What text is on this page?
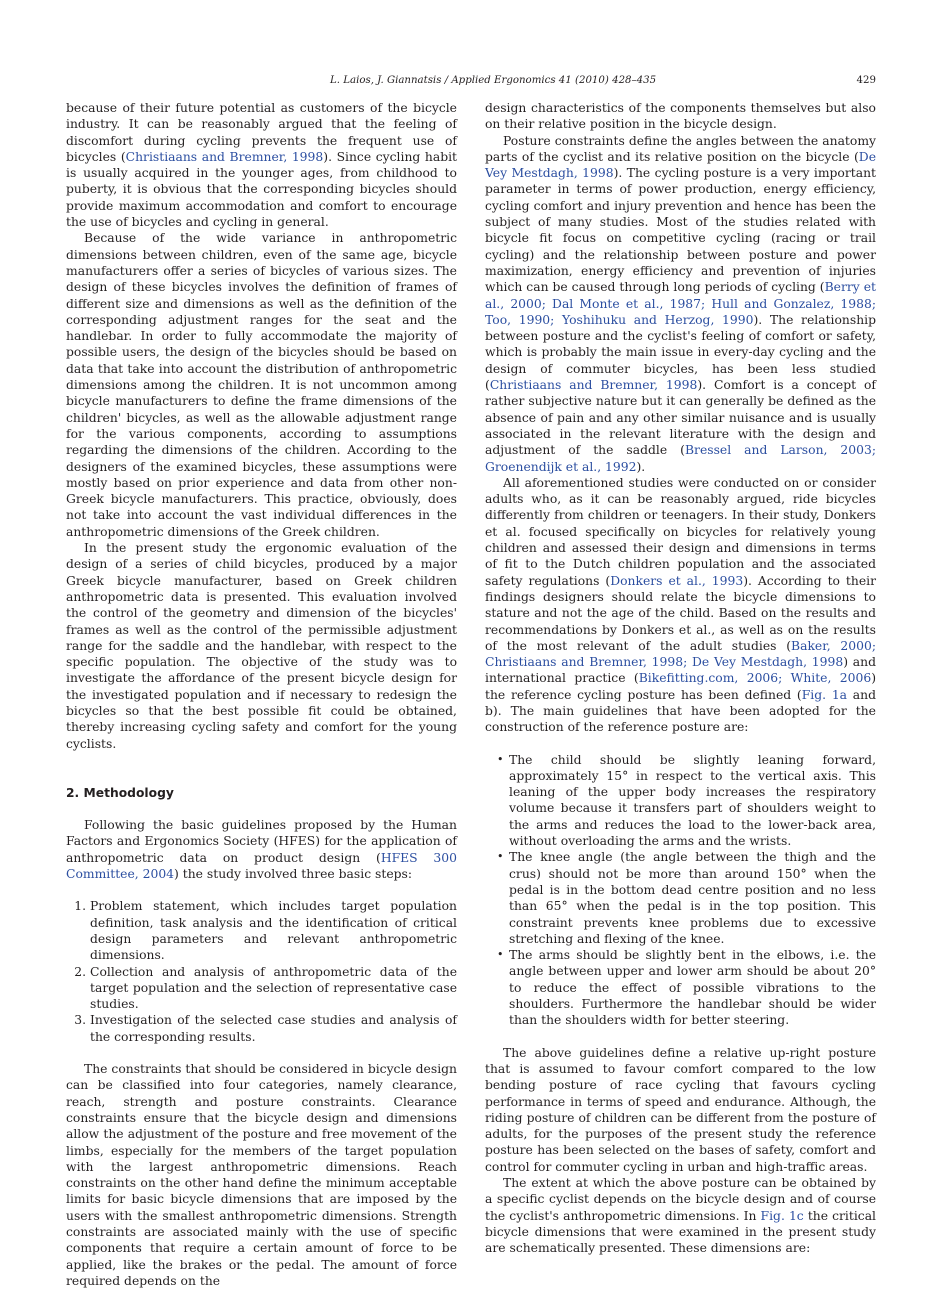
L. Laios, J. Giannatsis / Applied Ergonomics 41 (2010) 428–435	429

because of their future potential as customers of the bicycle industry. It can be reasonably argued that the feeling of discomfort during cycling prevents the frequent use of bicycles (Christiaans and Bremner, 1998). Since cycling habit is usually acquired in the younger ages, from childhood to puberty, it is obvious that the corresponding bicycles should provide maximum accommodation and comfort to encourage the use of bicycles and cycling in general.

Because of the wide variance in anthropometric dimensions between children, even of the same age, bicycle manufacturers offer a series of bicycles of various sizes. The design of these bicycles involves the definition of frames of different size and dimensions as well as the definition of the corresponding adjustment ranges for the seat and the handlebar. In order to fully accommodate the majority of possible users, the design of the bicycles should be based on data that take into account the distribution of anthropometric dimensions among the children. It is not uncommon among bicycle manufacturers to define the frame dimensions of the children' bicycles, as well as the allowable adjustment range for the various components, according to assumptions regarding the dimensions of the children. According to the designers of the examined bicycles, these assumptions were mostly based on prior experience and data from other non-Greek bicycle manufacturers. This practice, obviously, does not take into account the vast individual differences in the anthropometric dimensions of the Greek children.

In the present study the ergonomic evaluation of the design of a series of child bicycles, produced by a major Greek bicycle manufacturer, based on Greek children anthropometric data is presented. This evaluation involved the control of the geometry and dimension of the bicycles' frames as well as the control of the permissible adjustment range for the saddle and the handlebar, with respect to the specific population. The objective of the study was to investigate the affordance of the present bicycle design for the investigated population and if necessary to redesign the bicycles so that the best possible fit could be obtained, thereby increasing cycling safety and comfort for the young cyclists.

2. Methodology

Following the basic guidelines proposed by the Human Factors and Ergonomics Society (HFES) for the application of anthropometric data on product design (HFES 300 Committee, 2004) the study involved three basic steps:

1. Problem statement, which includes target population definition, task analysis and the identification of critical design parameters and relevant anthropometric dimensions.
2. Collection and analysis of anthropometric data of the target population and the selection of representative case studies.
3. Investigation of the selected case studies and analysis of the corresponding results.

The constraints that should be considered in bicycle design can be classified into four categories, namely clearance, reach, strength and posture constraints. Clearance constraints ensure that the bicycle design and dimensions allow the adjustment of the posture and free movement of the limbs, especially for the members of the target population with the largest anthropometric dimensions. Reach constraints on the other hand define the minimum acceptable limits for basic bicycle dimensions that are imposed by the users with the smallest anthropometric dimensions. Strength constraints are associated mainly with the use of specific components that require a certain amount of force to be applied, like the brakes or the pedal. The amount of force required depends on the

design characteristics of the components themselves but also on their relative position in the bicycle design.

Posture constraints define the angles between the anatomy parts of the cyclist and its relative position on the bicycle (De Vey Mestdagh, 1998). The cycling posture is a very important parameter in terms of power production, energy efficiency, cycling comfort and injury prevention and hence has been the subject of many studies. Most of the studies related with bicycle fit focus on competitive cycling (racing or trail cycling) and the relationship between posture and power maximization, energy efficiency and prevention of injuries which can be caused through long periods of cycling (Berry et al., 2000; Dal Monte et al., 1987; Hull and Gonzalez, 1988; Too, 1990; Yoshihuku and Herzog, 1990). The relationship between posture and the cyclist's feeling of comfort or safety, which is probably the main issue in every-day cycling and the design of commuter bicycles, has been less studied (Christiaans and Bremner, 1998). Comfort is a concept of rather subjective nature but it can generally be defined as the absence of pain and any other similar nuisance and is usually associated in the relevant literature with the design and adjustment of the saddle (Bressel and Larson, 2003; Groenendijk et al., 1992).

All aforementioned studies were conducted on or consider adults who, as it can be reasonably argued, ride bicycles differently from children or teenagers. In their study, Donkers et al. focused specifically on bicycles for relatively young children and assessed their design and dimensions in terms of fit to the Dutch children population and the associated safety regulations (Donkers et al., 1993). According to their findings designers should relate the bicycle dimensions to stature and not the age of the child. Based on the results and recommendations by Donkers et al., as well as on the results of the most relevant of the adult studies (Baker, 2000; Christiaans and Bremner, 1998; De Vey Mestdagh, 1998) and international practice (Bikefitting.com, 2006; White, 2006) the reference cycling posture has been defined (Fig. 1a and b). The main guidelines that have been adopted for the construction of the reference posture are:

• The child should be slightly leaning forward, approximately 15° in respect to the vertical axis. This leaning of the upper body increases the respiratory volume because it transfers part of shoulders weight to the arms and reduces the load to the lower-back area, without overloading the arms and the wrists.
• The knee angle (the angle between the thigh and the crus) should not be more than around 150° when the pedal is in the bottom dead centre position and no less than 65° when the pedal is in the top position. This constraint prevents knee problems due to excessive stretching and flexing of the knee.
• The arms should be slightly bent in the elbows, i.e. the angle between upper and lower arm should be about 20° to reduce the effect of possible vibrations to the shoulders. Furthermore the handlebar should be wider than the shoulders width for better steering.

The above guidelines define a relative up-right posture that is assumed to favour comfort compared to the low bending posture of race cycling that favours cycling performance in terms of speed and endurance. Although, the riding posture of children can be different from the posture of adults, for the purposes of the present study the reference posture has been selected on the bases of safety, comfort and control for commuter cycling in urban and high-traffic areas.

The extent at which the above posture can be obtained by a specific cyclist depends on the bicycle design and of course the cyclist's anthropometric dimensions. In Fig. 1c the critical bicycle dimensions that were examined in the present study are schematically presented. These dimensions are:
